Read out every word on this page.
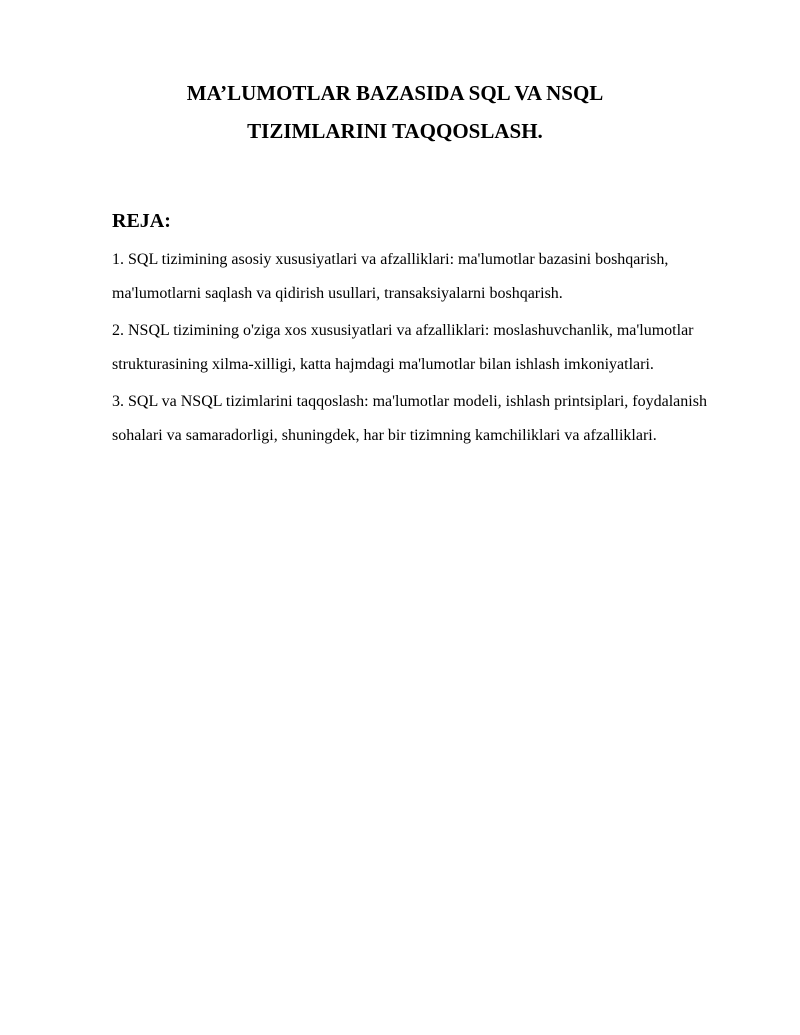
MA’LUMOTLAR BAZASIDA SQL VA NSQL
TIZIMLARINI TAQQOSLASH.
REJA:
1. SQL tizimining asosiy xususiyatlari va afzalliklari: ma'lumotlar bazasini boshqarish, ma'lumotlarni saqlash va qidirish usullari, transaksiyalarni boshqarish.
2. NSQL tizimining o'ziga xos xususiyatlari va afzalliklari: moslashuvchanlik, ma'lumotlar strukturasining xilma-xilligi, katta hajmdagi ma'lumotlar bilan ishlash imkoniyatlari.
3. SQL va NSQL tizimlarini taqqoslash: ma'lumotlar modeli, ishlash printsiplari, foydalanish sohalari va samaradorligi, shuningdek, har bir tizimning kamchiliklari va afzalliklari.
